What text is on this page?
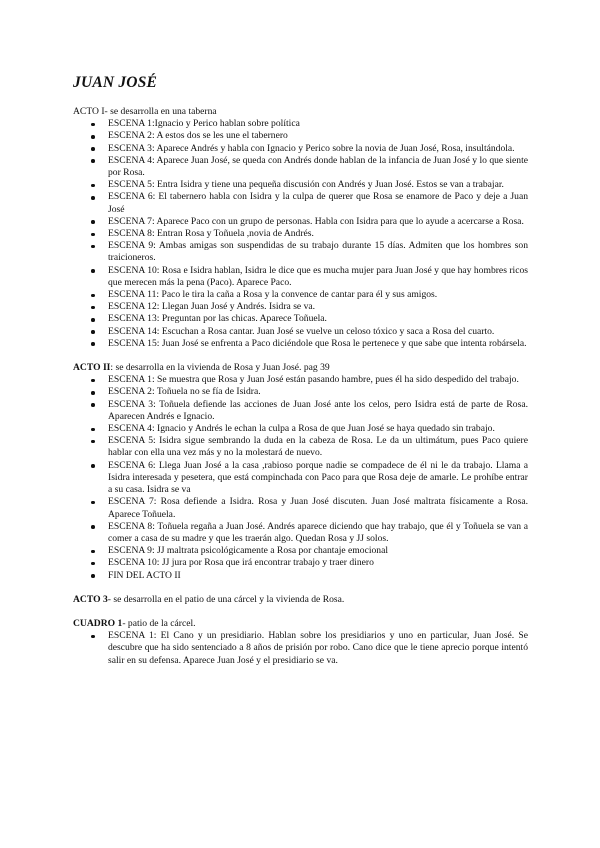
JUAN JOSÉ

ACTO I- se desarrolla en una taberna

ESCENA 1:Ignacio y Perico hablan sobre política
ESCENA 2: A estos dos se les une el tabernero
ESCENA 3: Aparece Andrés y habla con Ignacio y Perico sobre la novia de Juan José, Rosa, insultándola.
ESCENA 4: Aparece Juan José, se queda con Andrés donde hablan de la infancia de Juan José y lo que siente por Rosa.
ESCENA 5: Entra Isidra y tiene una pequeña discusión con Andrés y Juan José. Estos se van a trabajar.
ESCENA 6: El tabernero habla con Isidra y la culpa de querer que Rosa se enamore de Paco y deje a Juan José
ESCENA 7: Aparece Paco con un grupo de personas. Habla con Isidra para que lo ayude a acercarse a Rosa.
ESCENA 8: Entran Rosa y Toñuela ,novia de Andrés.
ESCENA 9: Ambas amigas son suspendidas de su trabajo durante 15 días. Admiten que los hombres son traicioneros.
ESCENA 10: Rosa e Isidra hablan, Isidra le dice que es mucha mujer para Juan José y que hay hombres ricos que merecen más la pena (Paco). Aparece Paco.
ESCENA 11: Paco le tira la caña a Rosa y la convence de cantar para él y sus amigos.
ESCENA 12: Llegan Juan José y Andrés. Isidra se va.
ESCENA 13: Preguntan por las chicas. Aparece Toñuela.
ESCENA 14: Escuchan a Rosa cantar. Juan José se vuelve un celoso tóxico y saca a Rosa del cuarto.
ESCENA 15: Juan José se enfrenta a Paco diciéndole que Rosa le pertenece y que sabe que intenta robársela.

ACTO II: se desarrolla en la vivienda de Rosa y Juan José. pag 39

ESCENA 1: Se muestra que Rosa y Juan José están pasando hambre, pues él ha sido despedido del trabajo.
ESCENA 2: Toñuela no se fía de Isidra.
ESCENA 3: Toñuela defiende las acciones de Juan José ante los celos, pero Isidra está de parte de Rosa. Aparecen Andrés e Ignacio.
ESCENA 4: Ignacio y Andrés le echan la culpa a Rosa de que Juan José se haya quedado sin trabajo.
ESCENA 5: Isidra sigue sembrando la duda en la cabeza de Rosa. Le da un ultimátum, pues Paco quiere hablar con ella una vez más y no la molestará de nuevo.
ESCENA 6: Llega Juan José a la casa ,rabioso porque nadie se compadece de él ni le da trabajo. Llama a Isidra interesada y pesetera, que está compinchada con Paco para que Rosa deje de amarle. Le prohíbe entrar a su casa. Isidra se va
ESCENA 7: Rosa defiende a Isidra. Rosa y Juan José discuten. Juan José maltrata físicamente a Rosa. Aparece Toñuela.
ESCENA 8: Toñuela regaña a Juan José. Andrés aparece diciendo que hay trabajo, que él y Toñuela se van a comer a casa de su madre y que les traerán algo. Quedan Rosa y JJ solos.
ESCENA 9: JJ maltrata psicológicamente a Rosa por chantaje emocional
ESCENA 10: JJ jura por Rosa que irá encontrar trabajo y traer dinero
FIN DEL ACTO II

ACTO 3- se desarrolla en el patio de una cárcel y la vivienda de Rosa.

CUADRO 1- patio de la cárcel.

ESCENA 1: El Cano y un presidiario. Hablan sobre los presidiarios y uno en particular, Juan José. Se descubre que ha sido sentenciado a 8 años de prisión por robo. Cano dice que le tiene aprecio porque intentó salir en su defensa. Aparece Juan José y el presidiario se va.
